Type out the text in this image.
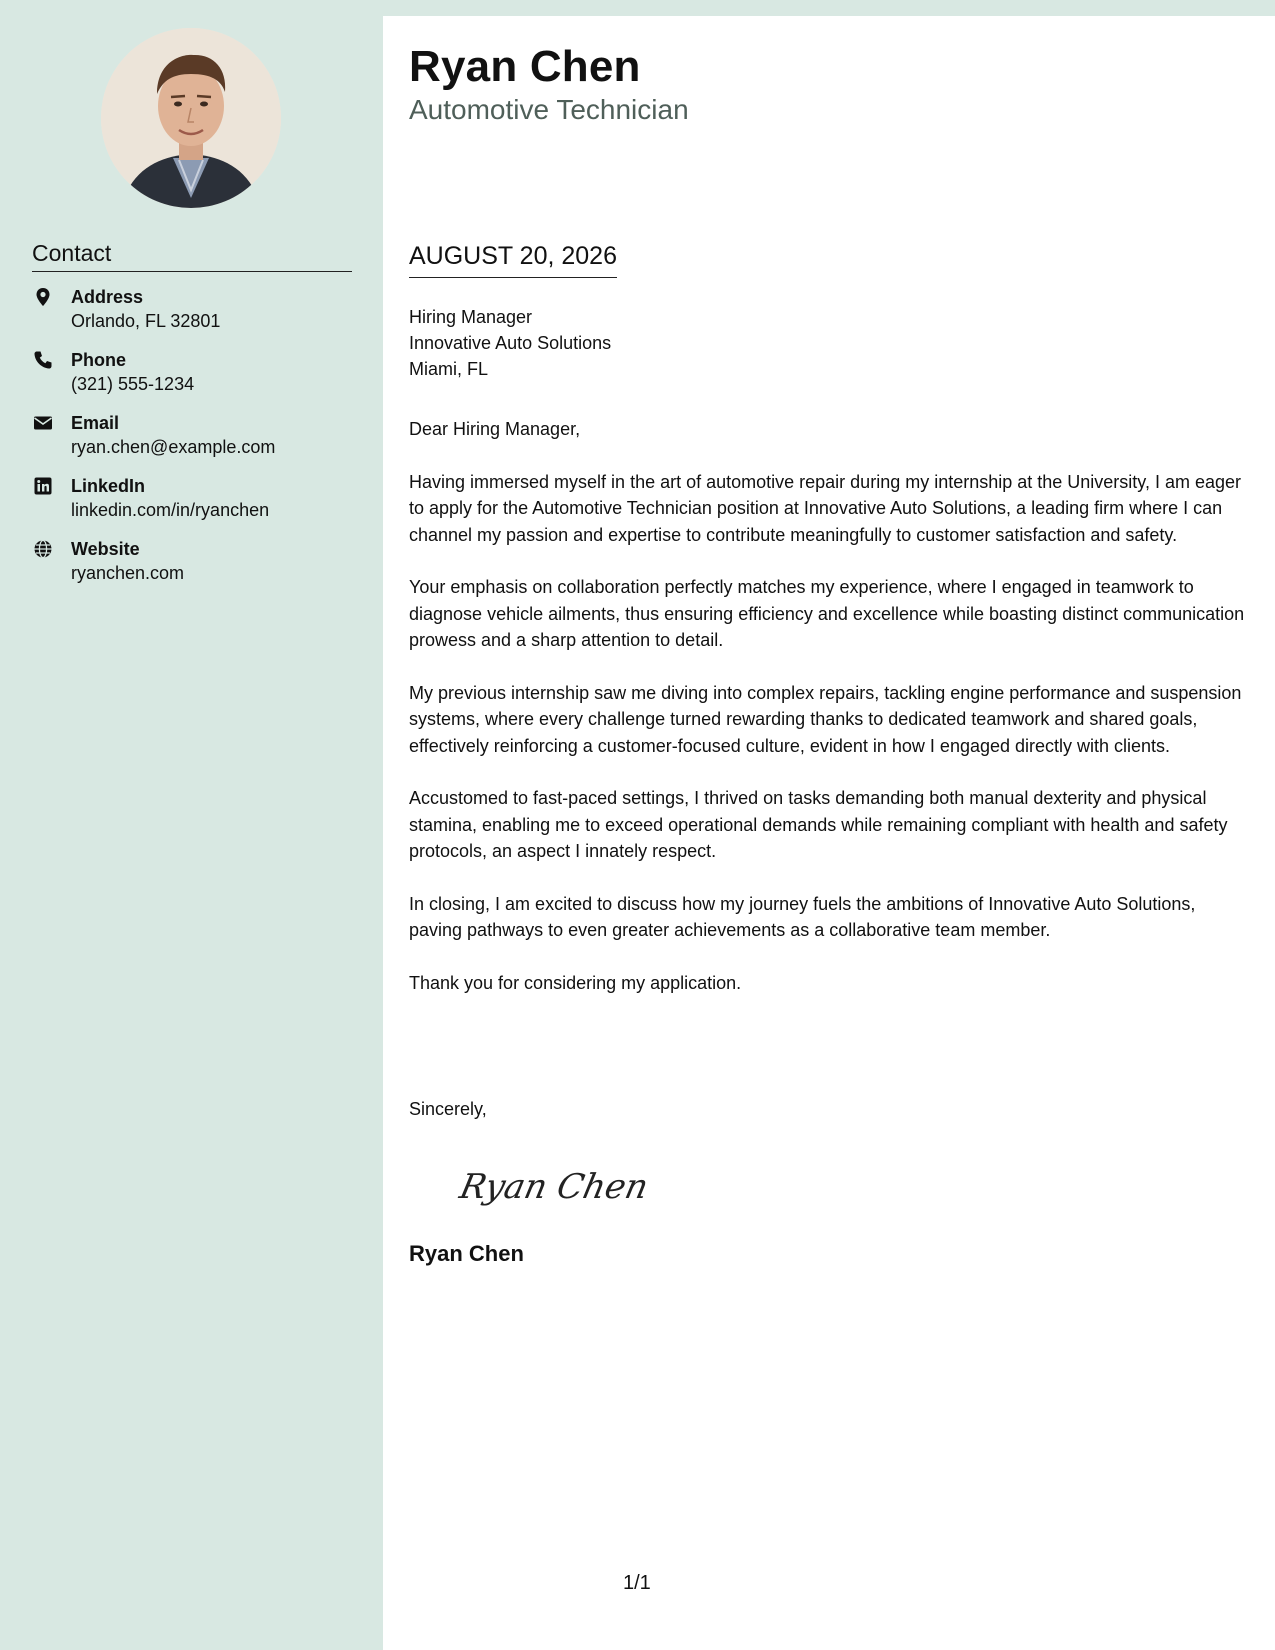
Contact
Address
Orlando, FL 32801
Phone
(321) 555-1234
Email
ryan.chen@example.com
LinkedIn
linkedin.com/in/ryanchen
Website
ryanchen.com
Ryan Chen
Automotive Technician
AUGUST 20, 2026
Hiring Manager
Innovative Auto Solutions
Miami, FL

Dear Hiring Manager,

Having immersed myself in the art of automotive repair during my internship at the University, I am eager to apply for the Automotive Technician position at Innovative Auto Solutions, a leading firm where I can channel my passion and expertise to contribute meaningfully to customer satisfaction and safety.

Your emphasis on collaboration perfectly matches my experience, where I engaged in teamwork to diagnose vehicle ailments, thus ensuring efficiency and excellence while boasting distinct communication prowess and a sharp attention to detail.

My previous internship saw me diving into complex repairs, tackling engine performance and suspension systems, where every challenge turned rewarding thanks to dedicated teamwork and shared goals, effectively reinforcing a customer-focused culture, evident in how I engaged directly with clients.

Accustomed to fast-paced settings, I thrived on tasks demanding both manual dexterity and physical stamina, enabling me to exceed operational demands while remaining compliant with health and safety protocols, an aspect I innately respect.

In closing, I am excited to discuss how my journey fuels the ambitions of Innovative Auto Solutions, paving pathways to even greater achievements as a collaborative team member.

Thank you for considering my application.

Sincerely,
Ryan Chen
Ryan Chen
1/1
